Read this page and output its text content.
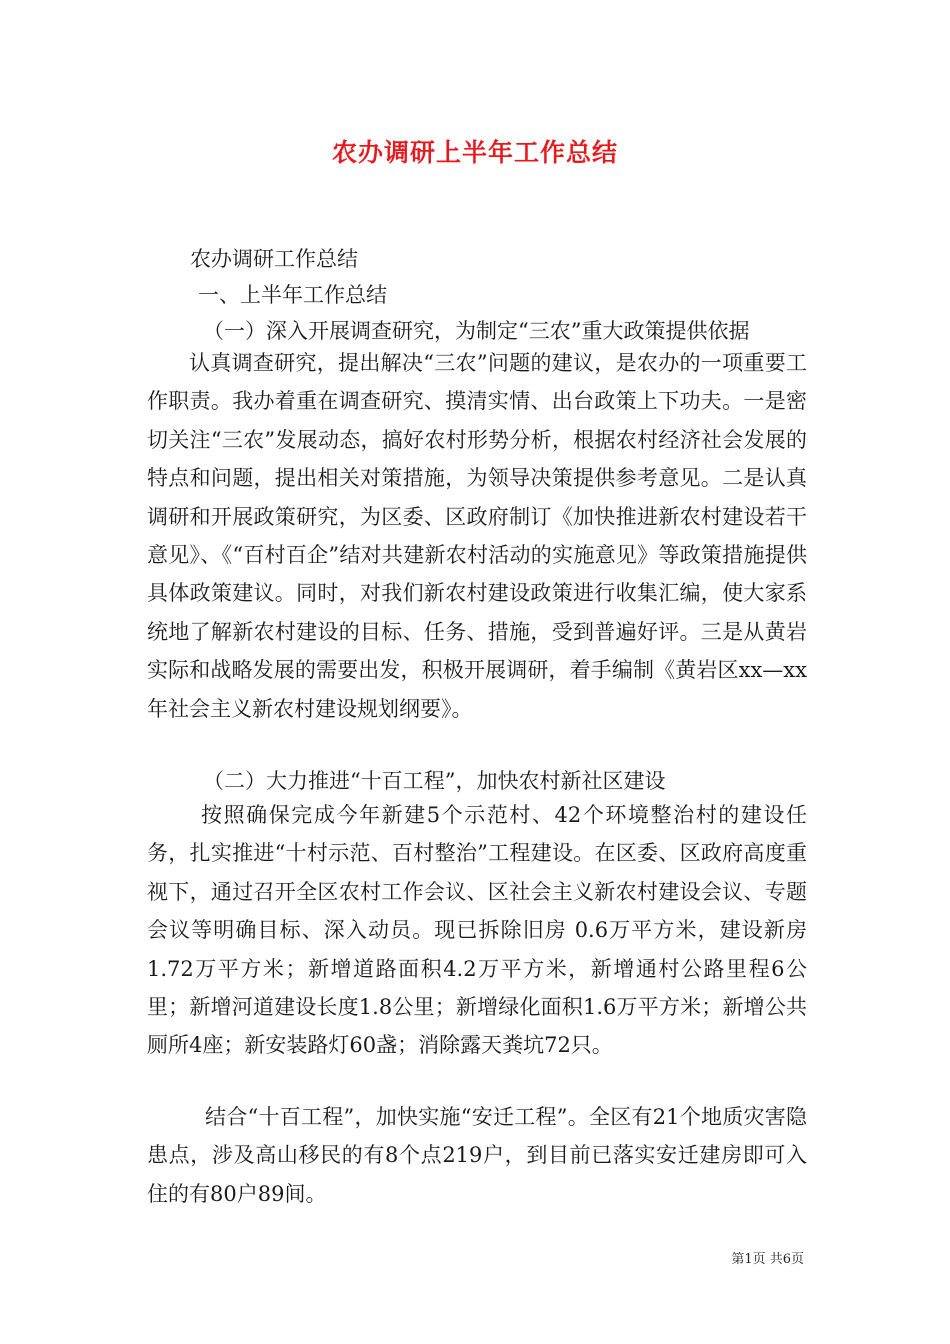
农办调研上半年工作总结

农办调研工作总结

一、上半年工作总结

（一）深入开展调查研究，为制定“三农”重大政策提供依据

认真调查研究，提出解决“三农”问题的建议，是农办的一项重要工作职责。我办着重在调查研究、摸清实情、出台政策上下功夫。一是密切关注“三农”发展动态，搞好农村形势分析，根据农村经济社会发展的特点和问题，提出相关对策措施，为领导决策提供参考意见。二是认真调研和开展政策研究，为区委、区政府制订《加快推进新农村建设若干意见》、《“百村百企”结对共建新农村活动的实施意见》等政策措施提供具体政策建议。同时，对我们新农村建设政策进行收集汇编，使大家系统地了解新农村建设的目标、任务、措施，受到普遍好评。三是从黄岩实际和战略发展的需要出发，积极开展调研，着手编制《黄岩区xx—xx年社会主义新农村建设规划纲要》。

（二）大力推进“十百工程”，加快农村新社区建设

按照确保完成今年新建5个示范村、42个环境整治村的建设任务，扎实推进“十村示范、百村整治”工程建设。在区委、区政府高度重视下，通过召开全区农村工作会议、区社会主义新农村建设会议、专题会议等明确目标、深入动员。现已拆除旧房 0.6万平方米，建设新房1.72万平方米；新增道路面积4.2万平方米，新增通村公路里程6公里；新增河道建设长度1.8公里；新增绿化面积1.6万平方米；新增公共厕所4座；新安装路灯60盏；消除露天粪坑72只。

结合“十百工程”，加快实施“安迁工程”。全区有21个地质灾害隐患点，涉及高山移民的有8个点219户，到目前已落实安迁建房即可入住的有80户89间。

第1页 共6页
